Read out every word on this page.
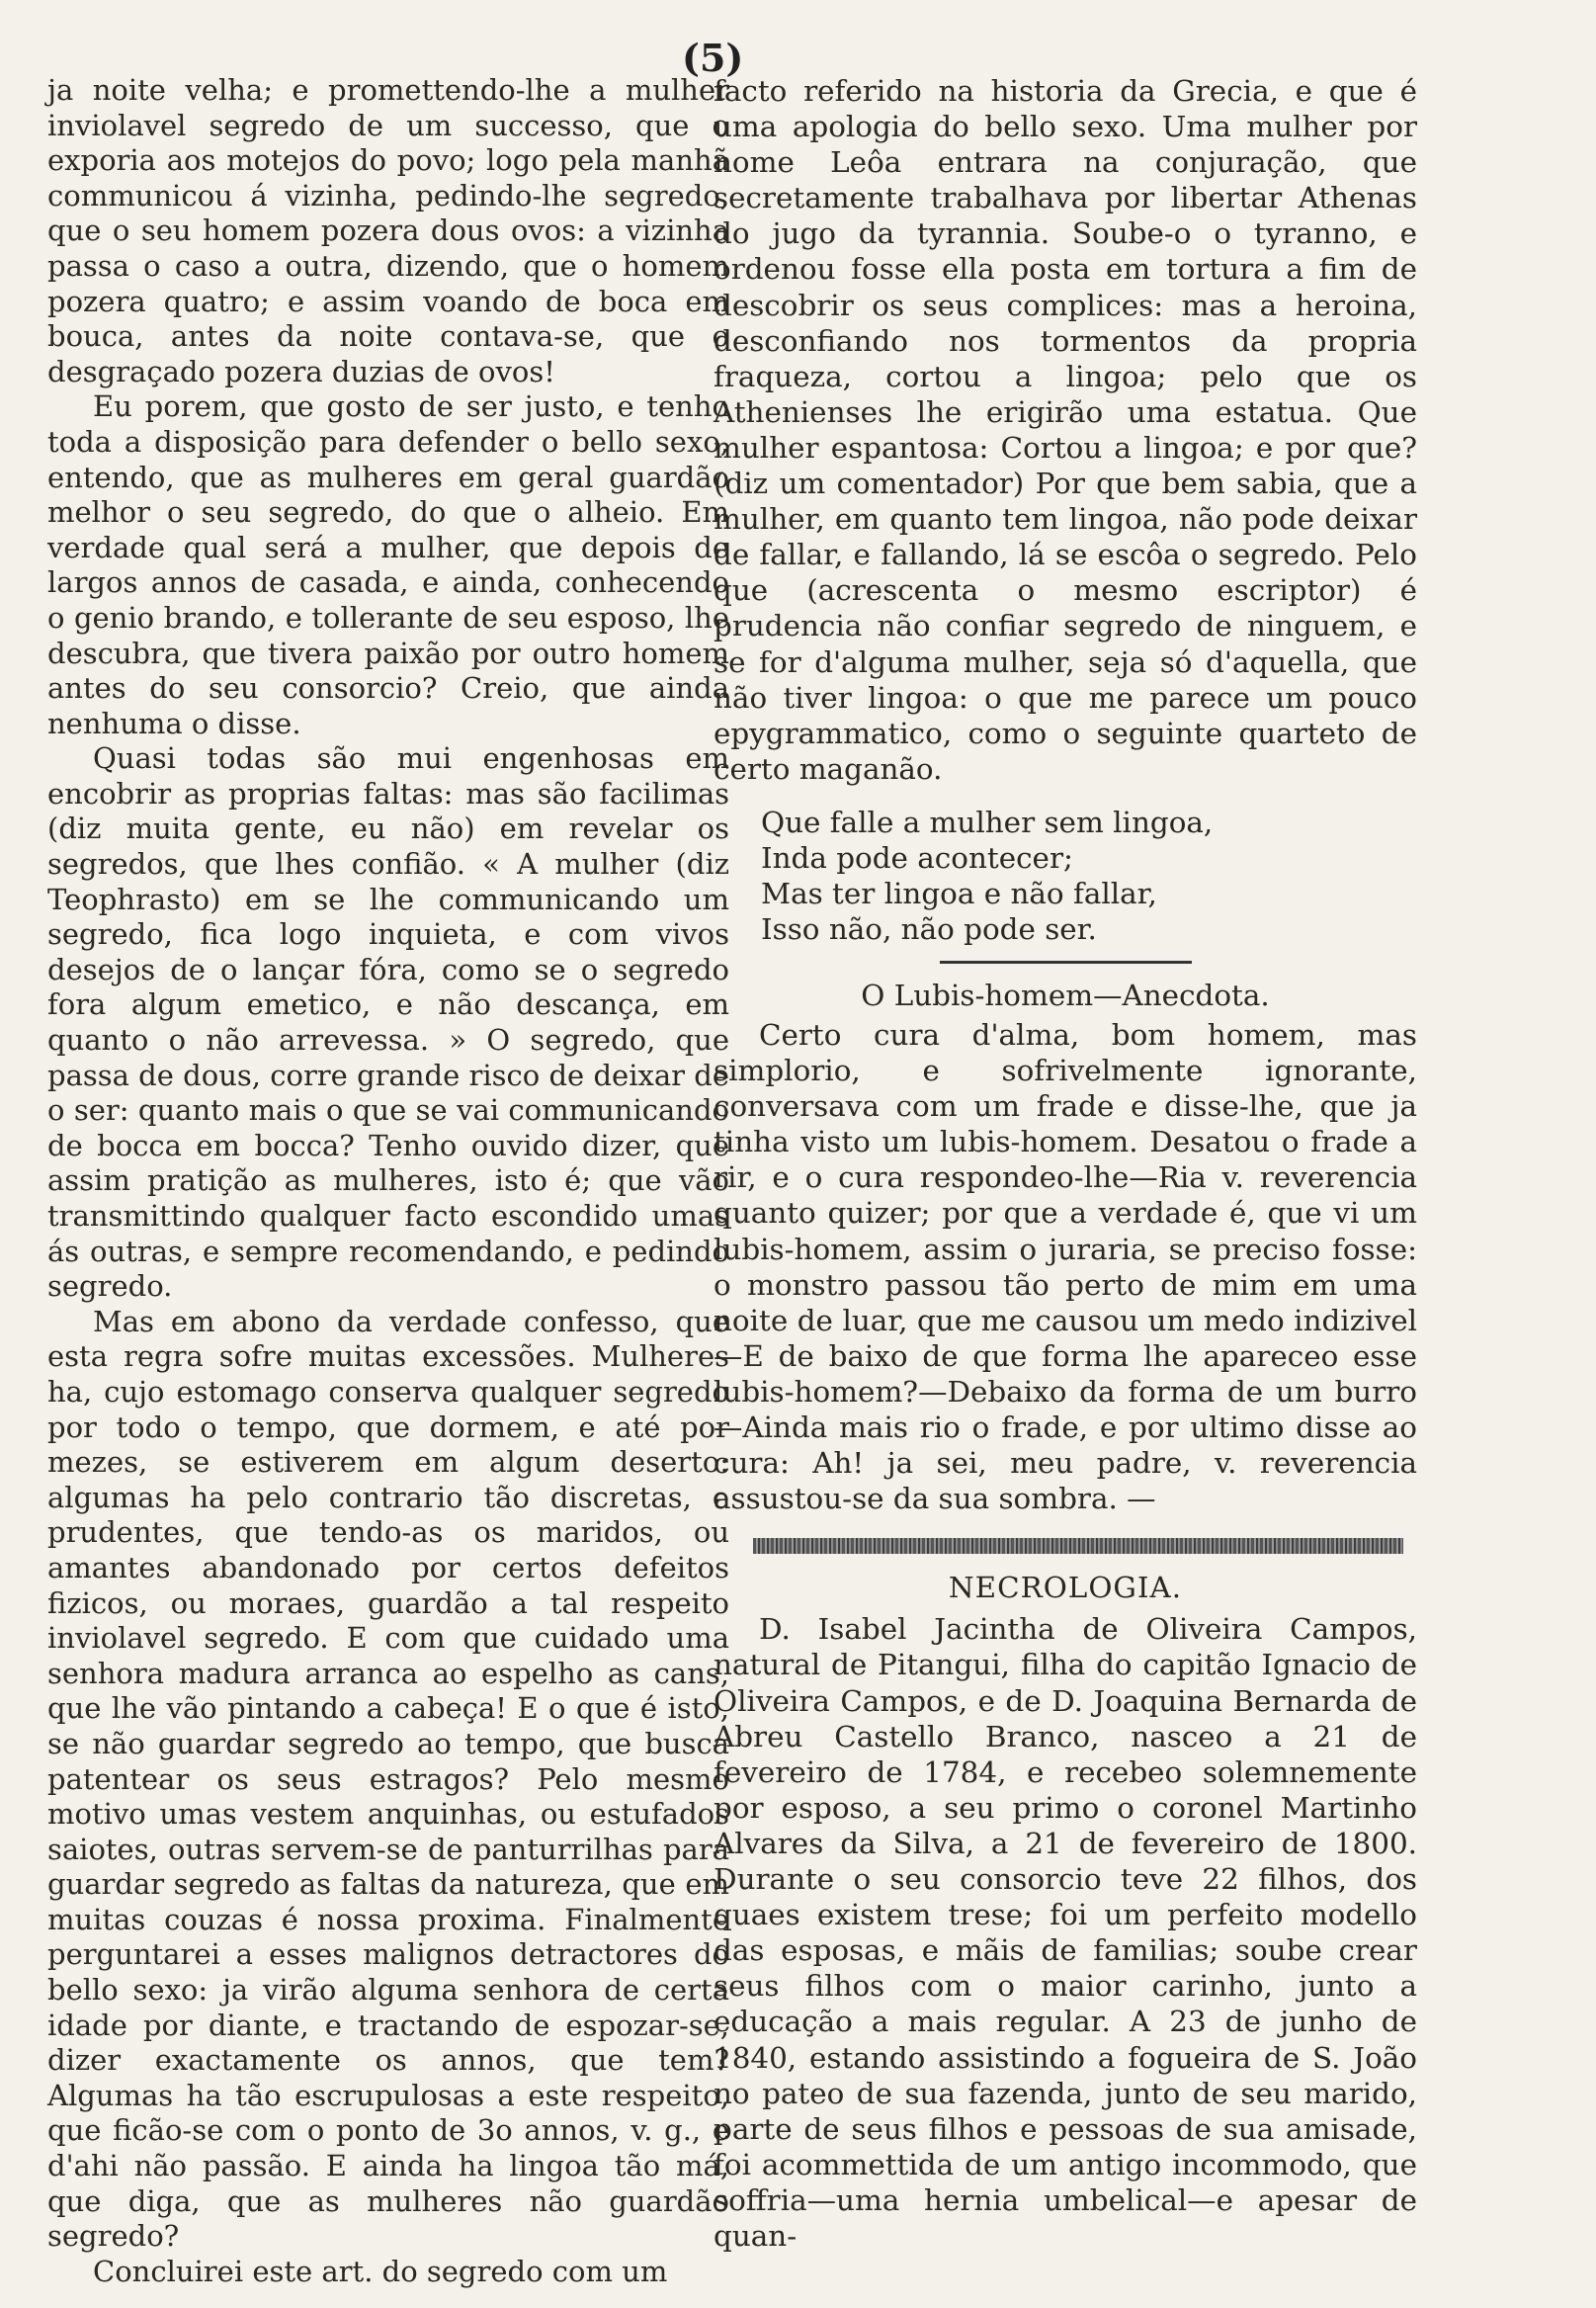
(5)

ja noite velha; e promettendo-lhe a mulher inviolavel segredo de um successo, que o exporia aos motejos do povo; logo pela manhã communicou á vizinha, pedindo-lhe segredo, que o seu homem pozera dous ovos: a vizinha passa o caso a outra, dizendo, que o homem pozera quatro; e assim voando de boca em bouca, antes da noite contava-se, que o desgraçado pozera duzias de ovos!

Eu porem, que gosto de ser justo, e tenho toda a disposição para defender o bello sexo, entendo, que as mulheres em geral guardão melhor o seu segredo, do que o alheio. Em verdade qual será a mulher, que depois de largos annos de casada, e ainda, conhecendo o genio brando, e tollerante de seu esposo, lhe descubra, que tivera paixão por outro homem antes do seu consorcio? Creio, que ainda nenhuma o disse.

Quasi todas são mui engenhosas em encobrir as proprias faltas: mas são facilimas (diz muita gente, eu não) em revelar os segredos, que lhes confião. « A mulher (diz Teophrasto) em se lhe communicando um segredo, fica logo inquieta, e com vivos desejos de o lançar fóra, como se o segredo fora algum emetico, e não descança, em quanto o não arrevessa. » O segredo, que passa de dous, corre grande risco de deixar de o ser: quanto mais o que se vai communicando de bocca em bocca? Tenho ouvido dizer, que assim pratição as mulheres, isto é; que vão transmittindo qualquer facto escondido umas ás outras, e sempre recomendando, e pedindo segredo.

Mas em abono da verdade confesso, que esta regra sofre muitas excessões. Mulheres ha, cujo estomago conserva qualquer segredo por todo o tempo, que dormem, e até por mezes, se estiverem em algum deserto: algumas ha pelo contrario tão discretas, e prudentes, que tendo-as os maridos, ou amantes abandonado por certos defeitos fizicos, ou moraes, guardão a tal respeito inviolavel segredo. E com que cuidado uma senhora madura arranca ao espelho as cans, que lhe vão pintando a cabeça! E o que é isto, se não guardar segredo ao tempo, que busca patentear os seus estragos? Pelo mesmo motivo umas vestem anquinhas, ou estufados saiotes, outras servem-se de panturrilhas para guardar segredo as faltas da natureza, que em muitas couzas é nossa proxima. Finalmente perguntarei a esses malignos detractores do bello sexo: ja virão alguma senhora de certa idade por diante, e tractando de espozar-se, dizer exactamente os annos, que tem? Algumas ha tão escrupulosas a este respeito, que ficão-se com o ponto de 3o annos, v. g., e d'ahi não passão. E ainda ha lingoa tão má, que diga, que as mulheres não guardão segredo?

Concluirei este art. do segredo com um

facto referido na historia da Grecia, e que é uma apologia do bello sexo. Uma mulher por nome Leôa entrara na conjuração, que secretamente trabalhava por libertar Athenas do jugo da tyrannia. Soube-o o tyranno, e ordenou fosse ella posta em tortura a fim de descobrir os seus complices: mas a heroina, desconfiando nos tormentos da propria fraqueza, cortou a lingoa; pelo que os Athenienses lhe erigirão uma estatua. Que mulher espantosa: Cortou a lingoa; e por que? (diz um comentador) Por que bem sabia, que a mulher, em quanto tem lingoa, não pode deixar de fallar, e fallando, lá se escôa o segredo. Pelo que (acrescenta o mesmo escriptor) é prudencia não confiar segredo de ninguem, e se for d'alguma mulher, seja só d'aquella, que não tiver lingoa: o que me parece um pouco epygrammatico, como o seguinte quarteto de certo maganão.

Que falle a mulher sem lingoa,
Inda pode acontecer;
Mas ter lingoa e não fallar,
Isso não, não pode ser.
O Lubis-homem—Anecdota.

Certo cura d'alma, bom homem, mas simplorio, e sofrivelmente ignorante, conversava com um frade e disse-lhe, que ja tinha visto um lubis-homem. Desatou o frade a rir, e o cura respondeo-lhe—Ria v. reverencia quanto quizer; por que a verdade é, que vi um lubis-homem, assim o juraria, se preciso fosse: o monstro passou tão perto de mim em uma noite de luar, que me causou um medo indizivel—E de baixo de que forma lhe apareceo esse lubis-homem?—Debaixo da forma de um burro—Ainda mais rio o frade, e por ultimo disse ao cura: Ah! ja sei, meu padre, v. reverencia assustou-se da sua sombra. —

NECROLOGIA.

D. Isabel Jacintha de Oliveira Campos, natural de Pitangui, filha do capitão Ignacio de Oliveira Campos, e de D. Joaquina Bernarda de Abreu Castello Branco, nasceo a 21 de fevereiro de 1784, e recebeo solemnemente por esposo, a seu primo o coronel Martinho Alvares da Silva, a 21 de fevereiro de 1800. Durante o seu consorcio teve 22 filhos, dos quaes existem trese; foi um perfeito modello das esposas, e mãis de familias; soube crear seus filhos com o maior carinho, junto a educação a mais regular. A 23 de junho de 1840, estando assistindo a fogueira de S. João no pateo de sua fazenda, junto de seu marido, parte de seus filhos e pessoas de sua amisade, foi acommettida de um antigo incommodo, que soffria—uma hernia umbelical—e apesar de quan-
